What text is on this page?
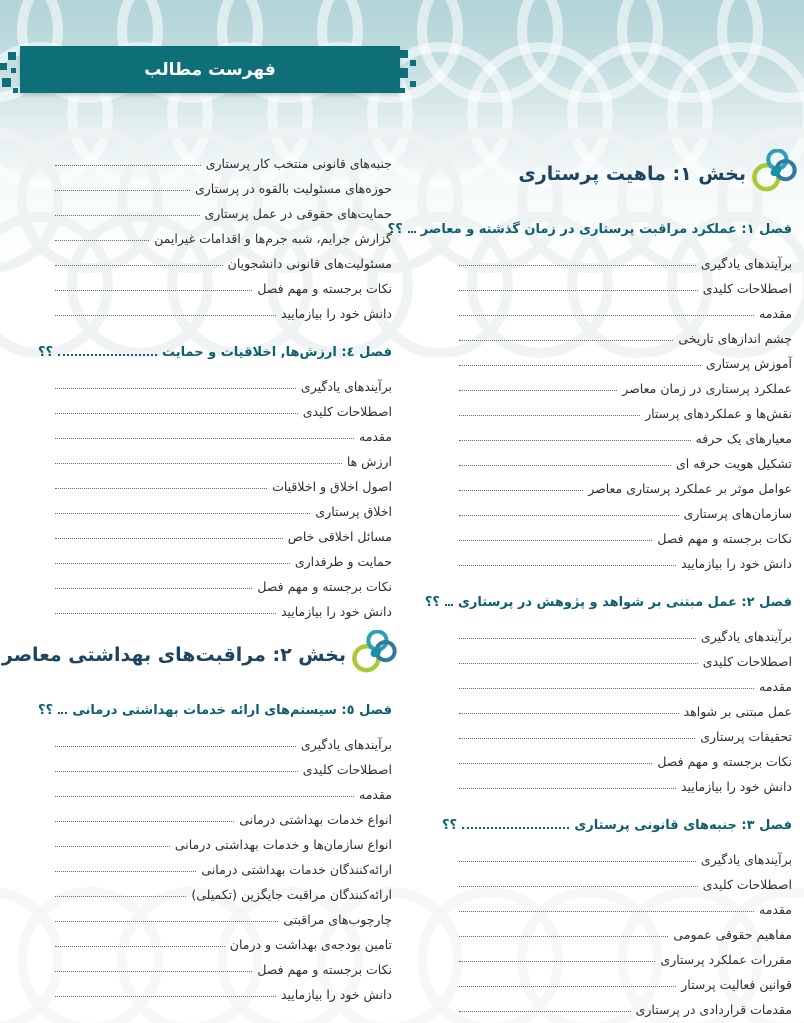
فهرست مطالب
بخش ۱: ماهیت پرستاری
فصل ۱: عملکرد مراقبت پرستاری در زمان گذشته و معاصر
؟؟
برآیندهای یادگیری
اصطلاحات کلیدی
مقدمه
چشم اندازهای تاریخی
آموزش پرستاری
عملکرد پرستاری در زمان معاصر
نقش‌ها و عملکردهای پرستار
معیارهای یک حرفه
تشکیل هویت حرفه ای
عوامل موثر بر عملکرد پرستاری معاصر
سازمان‌های پرستاری
نکات برجسته و مهم فصل
دانش خود را بیازمایید
فصل ۲: عمل مبتنی بر شواهد و پژوهش در پرستاری
؟؟
برآیندهای یادگیری
اصطلاحات کلیدی
مقدمه
عمل مبتنی بر شواهد
تحقیقات پرستاری
نکات برجسته و مهم فصل
دانش خود را بیازمایید
فصل ۳: جنبه‌های قانونی پرستاری
؟؟
برآیندهای یادگیری
اصطلاحات کلیدی
مقدمه
مفاهیم حقوقی عمومی
مقررات عملکرد پرستاری
قوانین فعالیت پرستار
مقدمات قراردادی در پرستاری
جنبه‌های قانونی منتخب کار پرستاری
حوزه‌های مسئولیت بالقوه در پرستاری
حمایت‌های حقوقی در عمل پرستاری
گزارش جرایم، شبه جرم‌ها و اقدامات غیرایمن
مسئولیت‌های قانونی دانشجویان
نکات برجسته و مهم فصل
دانش خود را بیازمایید
فصل ٤: ارزش‌ها, اخلاقیات و حمایت
؟؟
برآیندهای یادگیری
اصطلاحات کلیدی
مقدمه
ارزش ها
اصول اخلاق و اخلاقیات
اخلاق پرستاری
مسائل اخلاقی خاص
حمایت و طرفداری
نکات برجسته و مهم فصل
دانش خود را بیازمایید
بخش ۲: مراقبت‌های بهداشتی معاصر
فصل ٥: سیستم‌های ارائه خدمات بهداشتی درمانی
؟؟
برآیندهای یادگیری
اصطلاحات کلیدی
مقدمه
انواع خدمات بهداشتی درمانی
انواع سازمان‌ها و خدمات بهداشتی درمانی
ارائه‌کنندگان خدمات بهداشتی درمانی
ارائه‌کنندگان مراقبت جایگزین (تکمیلی)
چارچوب‌های مراقبتی
تامین بودجه‌ی بهداشت و درمان
نکات برجسته و مهم فصل
دانش خود را بیازمایید
